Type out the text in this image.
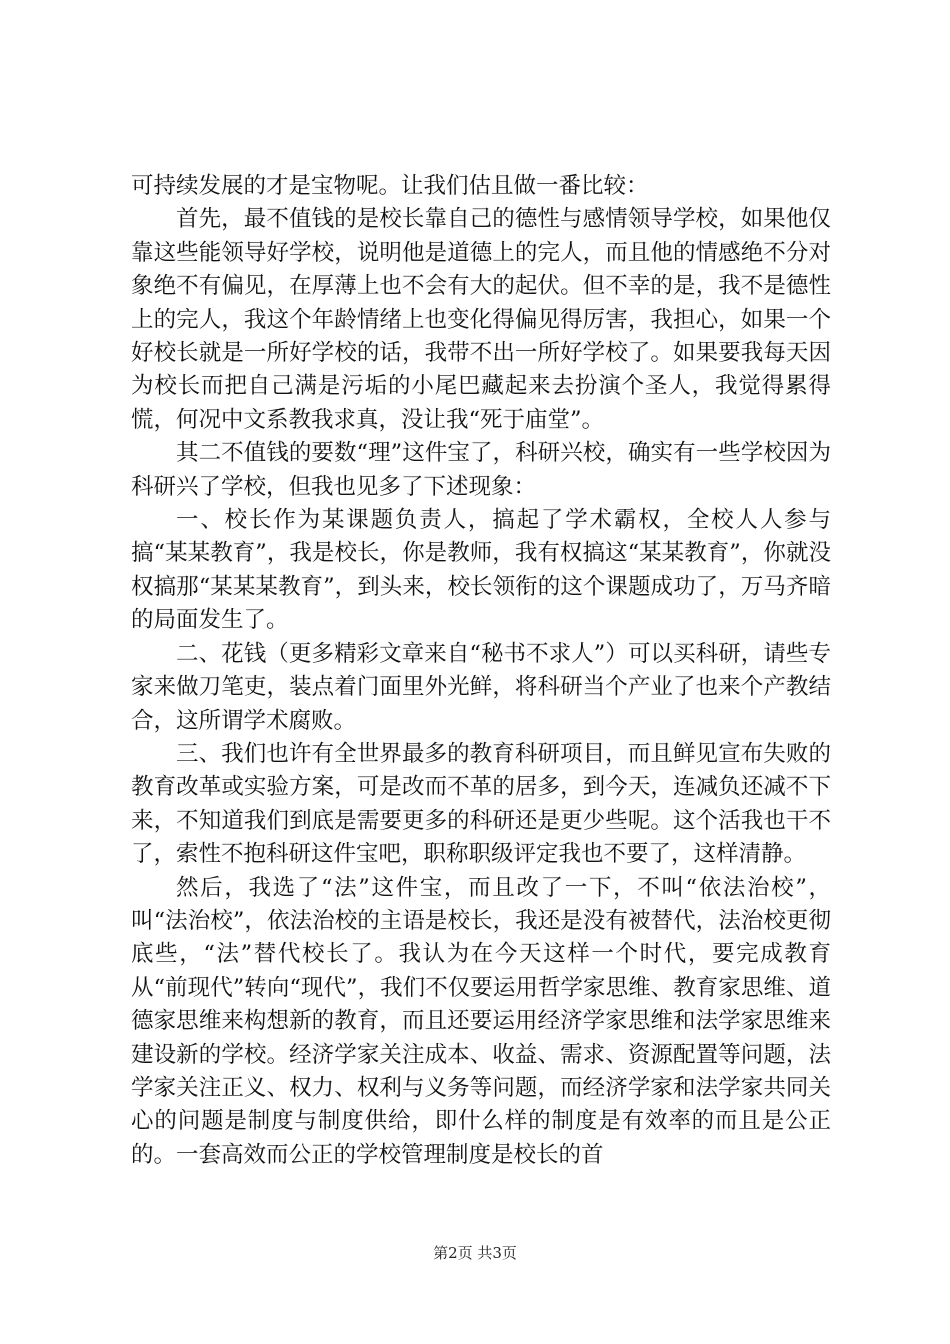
可持续发展的才是宝物呢。让我们估且做一番比较：

首先，最不值钱的是校长靠自己的德性与感情领导学校，如果他仅靠这些能领导好学校，说明他是道德上的完人，而且他的情感绝不分对象绝不有偏见，在厚薄上也不会有大的起伏。但不幸的是，我不是德性上的完人，我这个年龄情绪上也变化得偏见得厉害，我担心，如果一个好校长就是一所好学校的话，我带不出一所好学校了。如果要我每天因为校长而把自己满是污垢的小尾巴藏起来去扮演个圣人，我觉得累得慌，何况中文系教我求真，没让我“死于庙堂”。

其二不值钱的要数“理”这件宝了，科研兴校，确实有一些学校因为科研兴了学校，但我也见多了下述现象：

一、校长作为某课题负责人，搞起了学术霸权，全校人人参与搞“某某教育”，我是校长，你是教师，我有权搞这“某某教育”，你就没权搞那“某某某教育”，到头来，校长领衔的这个课题成功了，万马齐暗的局面发生了。

二、花钱（更多精彩文章来自“秘书不求人”）可以买科研，请些专家来做刀笔吏，装点着门面里外光鲜，将科研当个产业了也来个产教结合，这所谓学术腐败。

三、我们也许有全世界最多的教育科研项目，而且鲜见宣布失败的教育改革或实验方案，可是改而不革的居多，到今天，连减负还减不下来，不知道我们到底是需要更多的科研还是更少些呢。这个活我也干不了，索性不抱科研这件宝吧，职称职级评定我也不要了，这样清静。

然后，我选了“法”这件宝，而且改了一下，不叫“依法治校”，叫“法治校”，依法治校的主语是校长，我还是没有被替代，法治校更彻底些，“法”替代校长了。我认为在今天这样一个时代，要完成教育从“前现代”转向“现代”，我们不仅要运用哲学家思维、教育家思维、道德家思维来构想新的教育，而且还要运用经济学家思维和法学家思维来建设新的学校。经济学家关注成本、收益、需求、资源配置等问题，法学家关注正义、权力、权利与义务等问题，而经济学家和法学家共同关心的问题是制度与制度供给，即什么样的制度是有效率的而且是公正的。一套高效而公正的学校管理制度是校长的首

第2页 共3页
